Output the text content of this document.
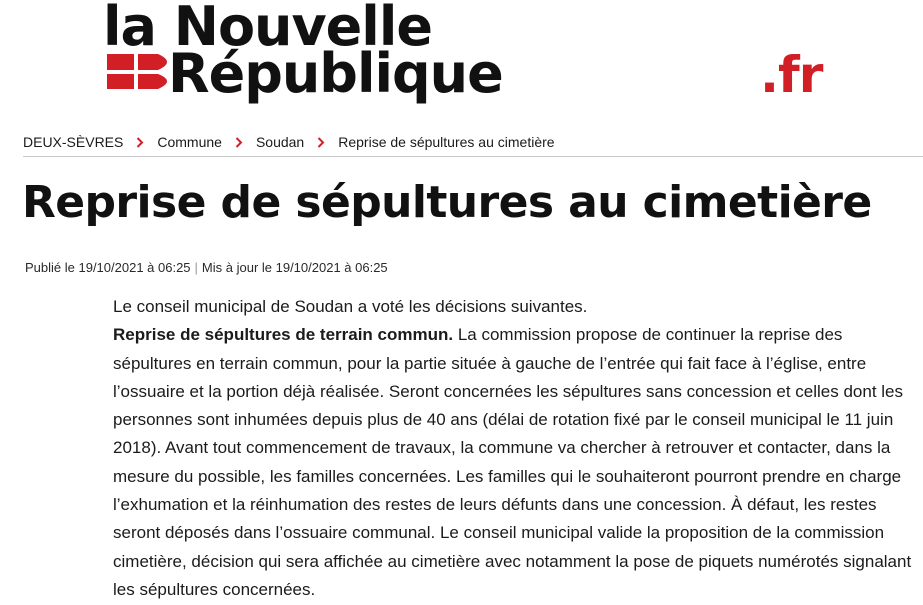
la Nouvelle
République	.fr
DEUX-SÈVRES Commune Soudan Reprise de sépultures au cimetière
Reprise de sépultures au cimetière
Publié le 19/10/2021 à 06:25 | Mis à jour le 19/10/2021 à 06:25

Le conseil municipal de Soudan a voté les décisions suivantes.

Reprise de sépultures de terrain commun. La commission propose de continuer la reprise des sépultures en terrain commun, pour la partie située à gauche de l’entrée qui fait face à l’église, entre l’ossuaire et la portion déjà réalisée. Seront concernées les sépultures sans concession et celles dont les personnes sont inhumées depuis plus de 40 ans (délai de rotation fixé par le conseil municipal le 11 juin 2018). Avant tout commencement de travaux, la commune va chercher à retrouver et contacter, dans la mesure du possible, les familles concernées. Les familles qui le souhaiteront pourront prendre en charge l’exhumation et la réinhumation des restes de leurs défunts dans une concession. À défaut, les restes seront déposés dans l’ossuaire communal. Le conseil municipal valide la proposition de la commission cimetière, décision qui sera affichée au cimetière avec notamment la pose de piquets numérotés signalant les sépultures concernées.
